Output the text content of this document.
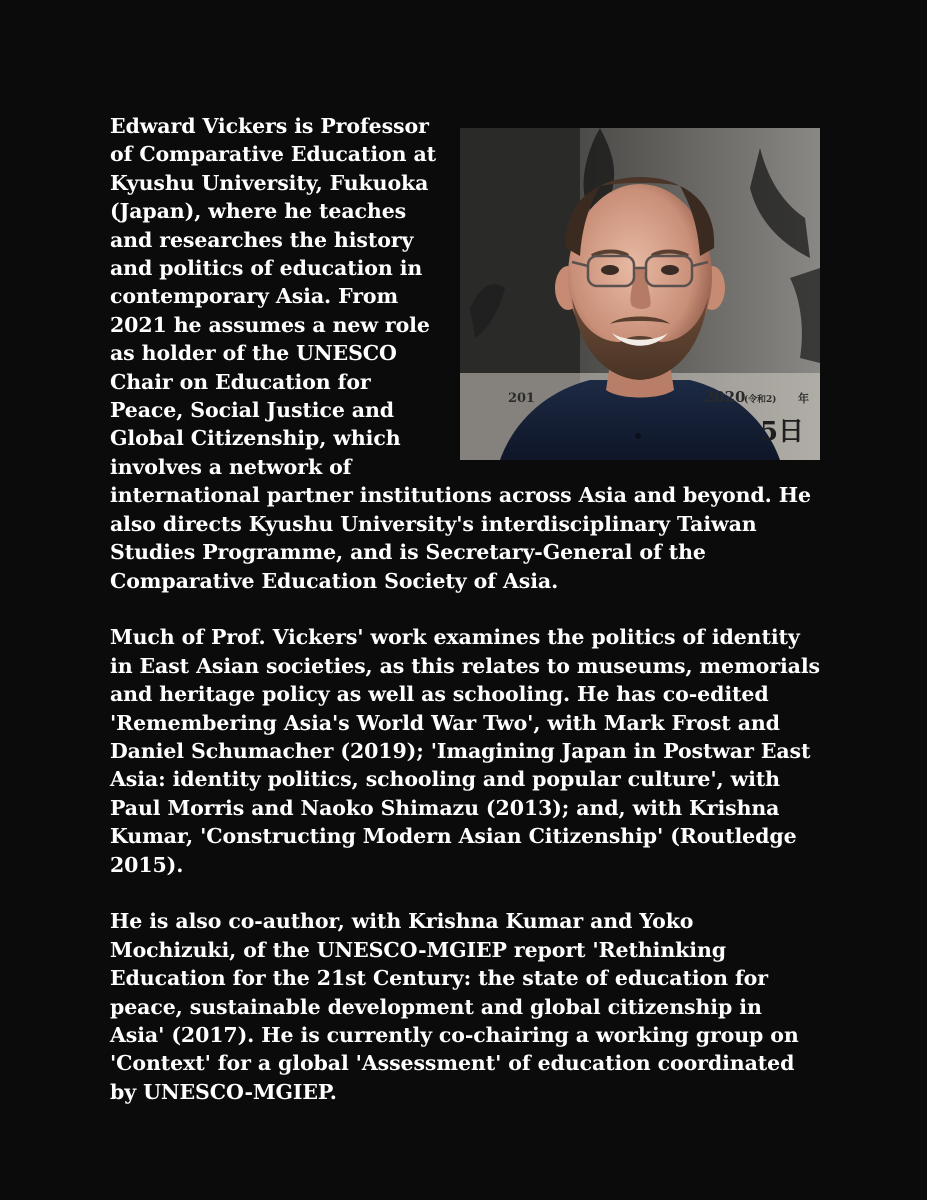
201	2020
(令和2) 年
5日

Edward Vickers is Professor of Comparative Education at Kyushu University, Fukuoka (Japan), where he teaches and researches the history and politics of education in contemporary Asia. From 2021 he assumes a new role as holder of the UNESCO Chair on Education for Peace, Social Justice and Global Citizenship, which involves a network of international partner institutions across Asia and beyond. He also directs Kyushu University's interdisciplinary Taiwan Studies Programme, and is Secretary-General of the Comparative Education Society of Asia.

Much of Prof. Vickers' work examines the politics of identity in East Asian societies, as this relates to museums, memorials and heritage policy as well as schooling. He has co-edited 'Remembering Asia's World War Two', with Mark Frost and Daniel Schumacher (2019); 'Imagining Japan in Postwar East Asia: identity politics, schooling and popular culture', with Paul Morris and Naoko Shimazu (2013); and, with Krishna Kumar, 'Constructing Modern Asian Citizenship' (Routledge 2015).

He is also co-author, with Krishna Kumar and Yoko Mochizuki, of the UNESCO-MGIEP report 'Rethinking Education for the 21st Century: the state of education for peace, sustainable development and global citizenship in Asia' (2017). He is currently co-chairing a working group on 'Context' for a global 'Assessment' of education coordinated by UNESCO-MGIEP.
